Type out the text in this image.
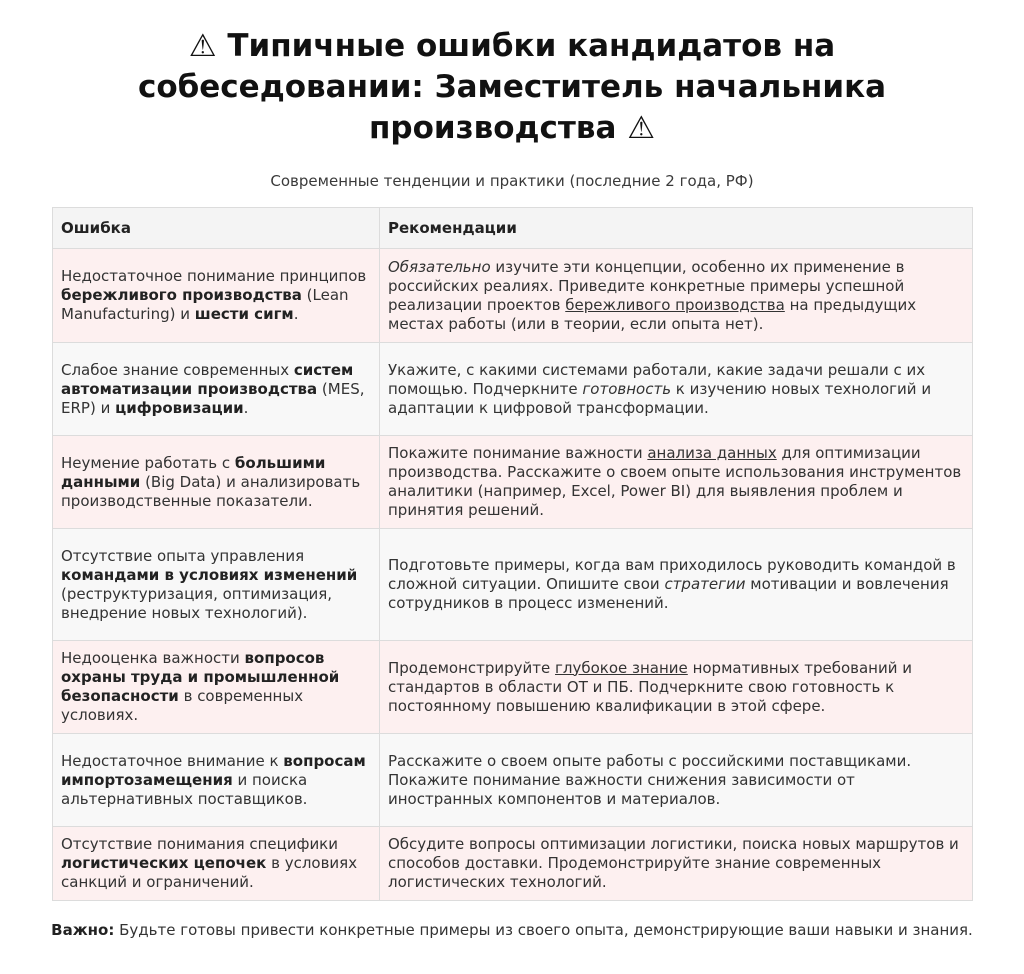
⚠ Типичные ошибки кандидатов на собеседовании: Заместитель начальника производства ⚠
Современные тенденции и практики (последние 2 года, РФ)
Ошибка	Рекомендации
Недостаточное понимание принципов бережливого производства (Lean Manufacturing) и шести сигм.	Обязательно изучите эти концепции, особенно их применение в российских реалиях. Приведите конкретные примеры успешной реализации проектов бережливого производства на предыдущих местах работы (или в теории, если опыта нет).
Слабое знание современных систем автоматизации производства (MES, ERP) и цифровизации.	Укажите, с какими системами работали, какие задачи решали с их помощью. Подчеркните готовность к изучению новых технологий и адаптации к цифровой трансформации.
Неумение работать с большими данными (Big Data) и анализировать производственные показатели.	Покажите понимание важности анализа данных для оптимизации производства. Расскажите о своем опыте использования инструментов аналитики (например, Excel, Power BI) для выявления проблем и принятия решений.
Отсутствие опыта управления командами в условиях изменений (реструктуризация, оптимизация, внедрение новых технологий).	Подготовьте примеры, когда вам приходилось руководить командой в сложной ситуации. Опишите свои стратегии мотивации и вовлечения сотрудников в процесс изменений.
Недооценка важности вопросов охраны труда и промышленной безопасности в современных условиях.	Продемонстрируйте глубокое знание нормативных требований и стандартов в области ОТ и ПБ. Подчеркните свою готовность к постоянному повышению квалификации в этой сфере.
Недостаточное внимание к вопросам импортозамещения и поиска альтернативных поставщиков.	Расскажите о своем опыте работы с российскими поставщиками. Покажите понимание важности снижения зависимости от иностранных компонентов и материалов.
Отсутствие понимания специфики логистических цепочек в условиях санкций и ограничений.	Обсудите вопросы оптимизации логистики, поиска новых маршрутов и способов доставки. Продемонстрируйте знание современных логистических технологий.
Важно: Будьте готовы привести конкретные примеры из своего опыта, демонстрирующие ваши навыки и знания.
